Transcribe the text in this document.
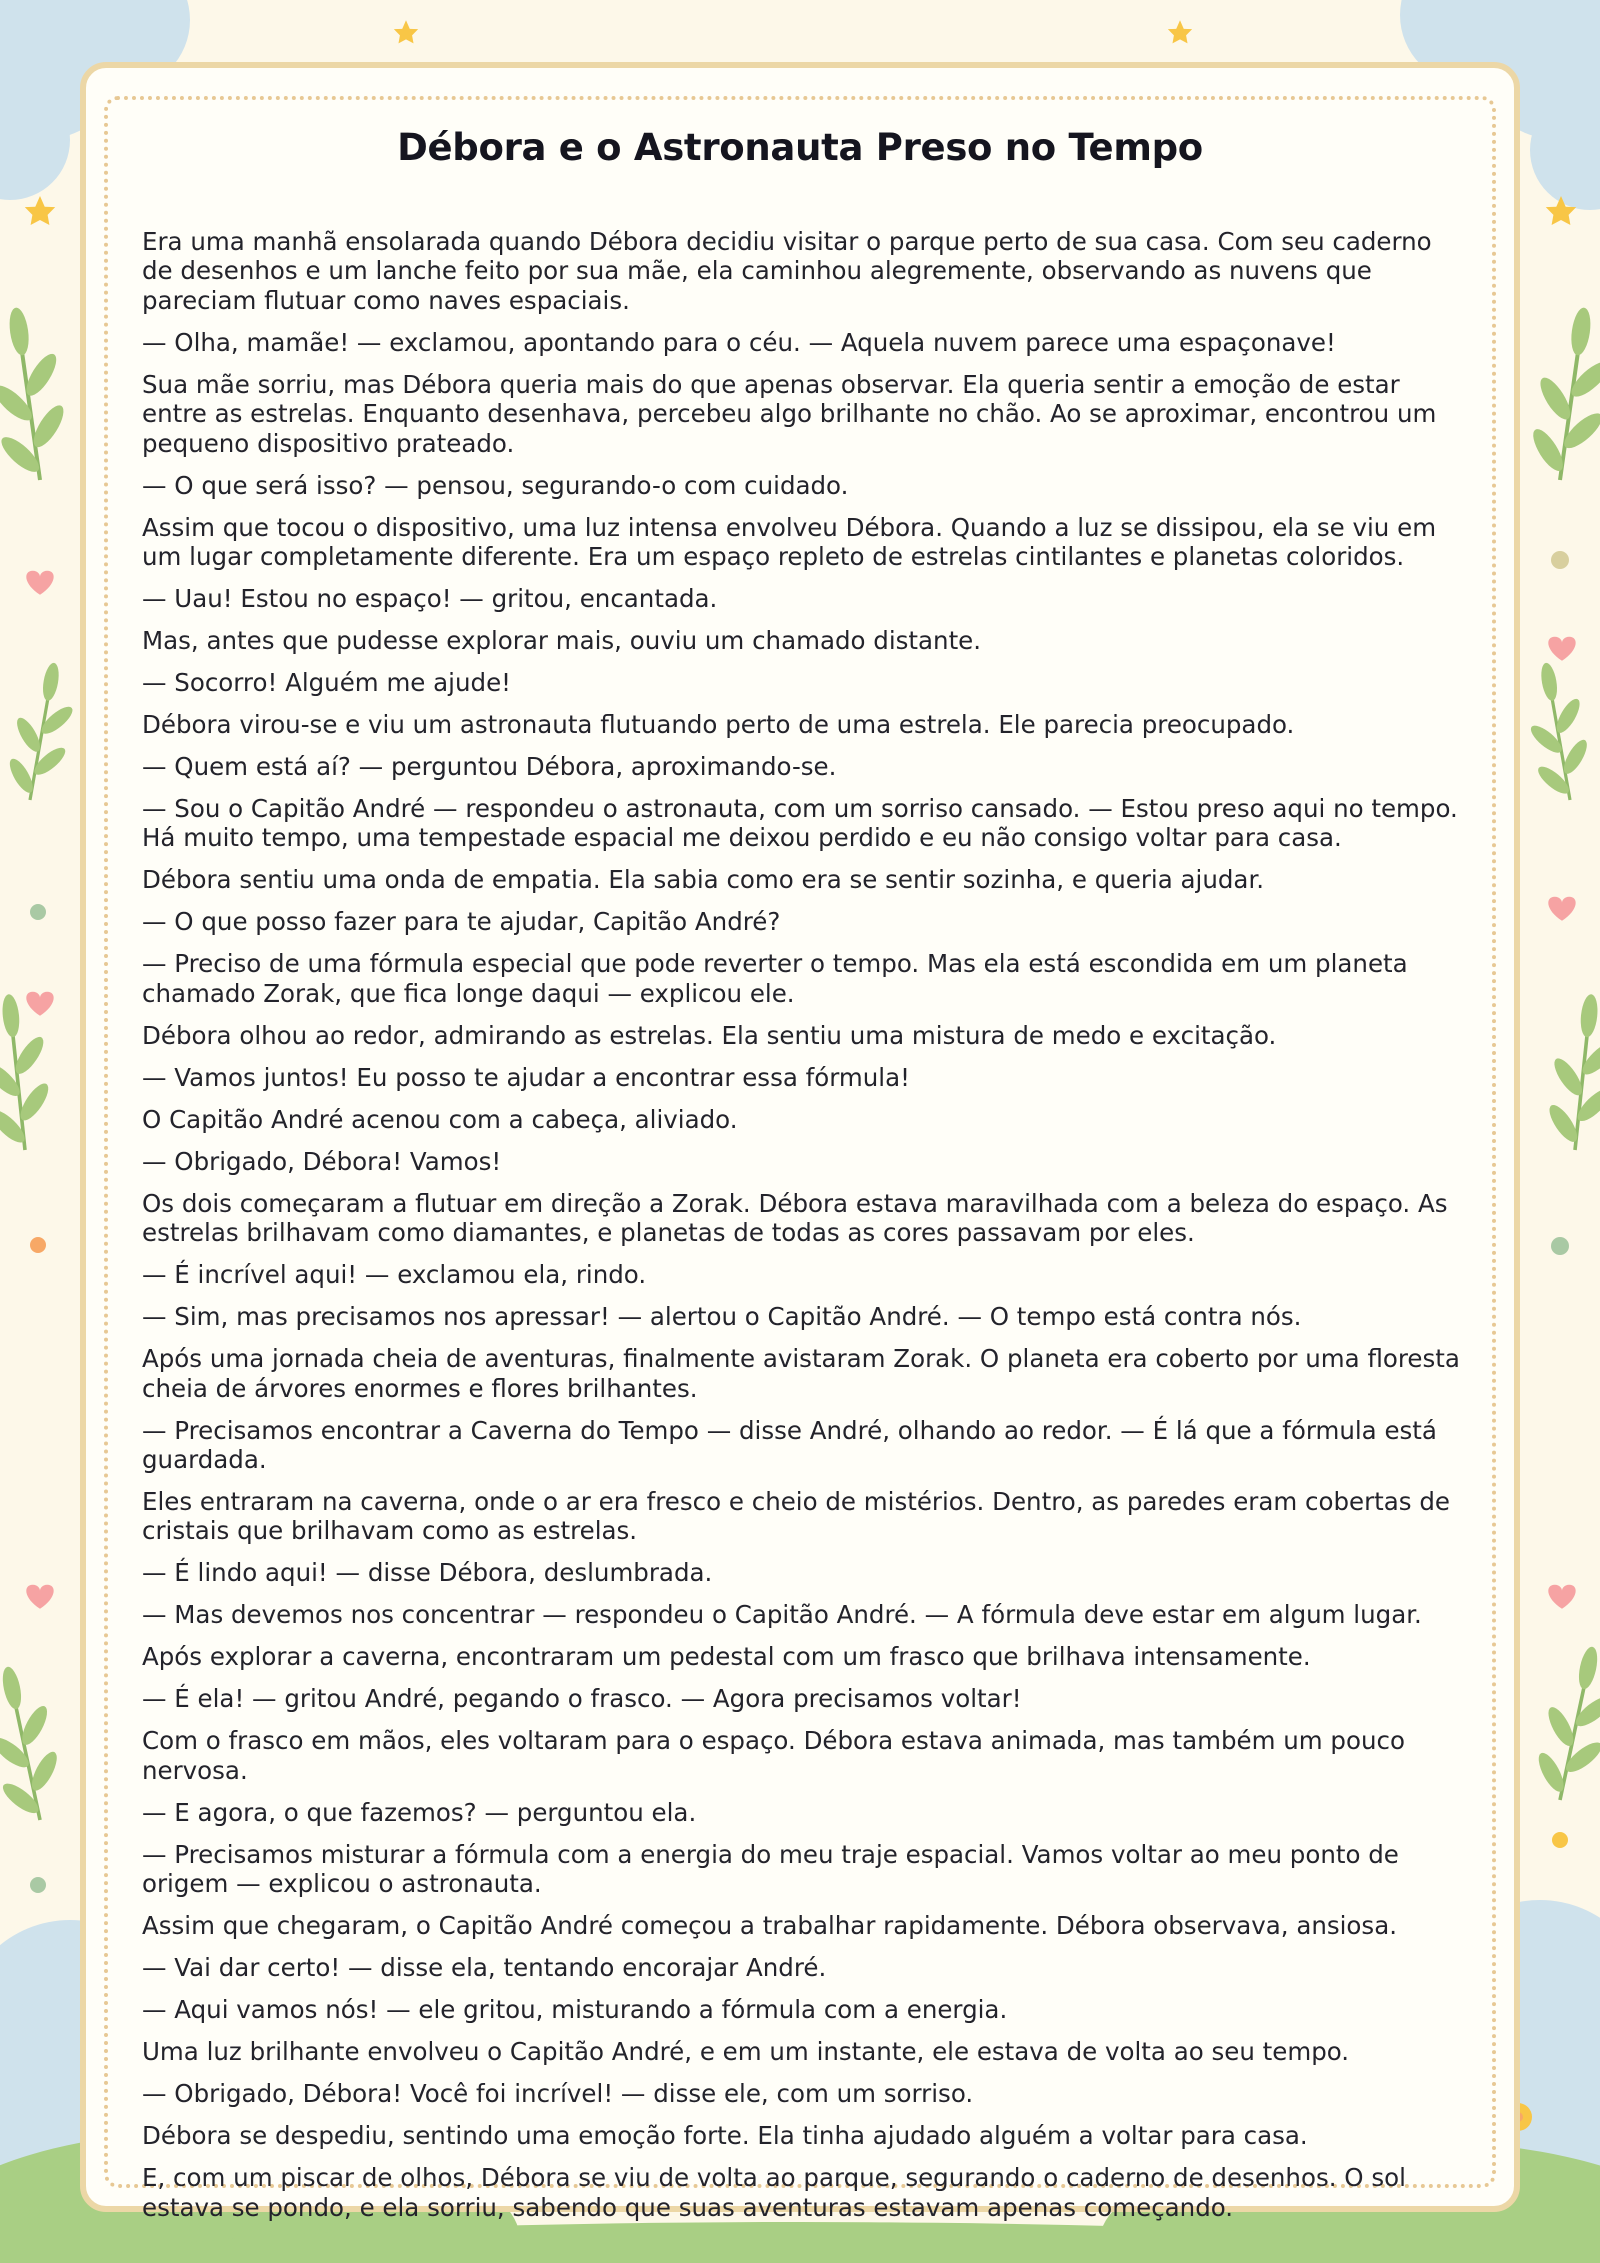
Débora e o Astronauta Preso no Tempo

Era uma manhã ensolarada quando Débora decidiu visitar o parque perto de sua casa. Com seu caderno de desenhos e um lanche feito por sua mãe, ela caminhou alegremente, observando as nuvens que pareciam flutuar como naves espaciais.

— Olha, mamãe! — exclamou, apontando para o céu. — Aquela nuvem parece uma espaçonave!

Sua mãe sorriu, mas Débora queria mais do que apenas observar. Ela queria sentir a emoção de estar entre as estrelas. Enquanto desenhava, percebeu algo brilhante no chão. Ao se aproximar, encontrou um pequeno dispositivo prateado.

— O que será isso? — pensou, segurando-o com cuidado.

Assim que tocou o dispositivo, uma luz intensa envolveu Débora. Quando a luz se dissipou, ela se viu em um lugar completamente diferente. Era um espaço repleto de estrelas cintilantes e planetas coloridos.

— Uau! Estou no espaço! — gritou, encantada.

Mas, antes que pudesse explorar mais, ouviu um chamado distante.

— Socorro! Alguém me ajude!

Débora virou-se e viu um astronauta flutuando perto de uma estrela. Ele parecia preocupado.

— Quem está aí? — perguntou Débora, aproximando-se.

— Sou o Capitão André — respondeu o astronauta, com um sorriso cansado. — Estou preso aqui no tempo. Há muito tempo, uma tempestade espacial me deixou perdido e eu não consigo voltar para casa.

Débora sentiu uma onda de empatia. Ela sabia como era se sentir sozinha, e queria ajudar.

— O que posso fazer para te ajudar, Capitão André?

— Preciso de uma fórmula especial que pode reverter o tempo. Mas ela está escondida em um planeta chamado Zorak, que fica longe daqui — explicou ele.

Débora olhou ao redor, admirando as estrelas. Ela sentiu uma mistura de medo e excitação.

— Vamos juntos! Eu posso te ajudar a encontrar essa fórmula!

O Capitão André acenou com a cabeça, aliviado.

— Obrigado, Débora! Vamos!

Os dois começaram a flutuar em direção a Zorak. Débora estava maravilhada com a beleza do espaço. As estrelas brilhavam como diamantes, e planetas de todas as cores passavam por eles.

— É incrível aqui! — exclamou ela, rindo.

— Sim, mas precisamos nos apressar! — alertou o Capitão André. — O tempo está contra nós.

Após uma jornada cheia de aventuras, finalmente avistaram Zorak. O planeta era coberto por uma floresta cheia de árvores enormes e flores brilhantes.

— Precisamos encontrar a Caverna do Tempo — disse André, olhando ao redor. — É lá que a fórmula está guardada.

Eles entraram na caverna, onde o ar era fresco e cheio de mistérios. Dentro, as paredes eram cobertas de cristais que brilhavam como as estrelas.

— É lindo aqui! — disse Débora, deslumbrada.

— Mas devemos nos concentrar — respondeu o Capitão André. — A fórmula deve estar em algum lugar.

Após explorar a caverna, encontraram um pedestal com um frasco que brilhava intensamente.

— É ela! — gritou André, pegando o frasco. — Agora precisamos voltar!

Com o frasco em mãos, eles voltaram para o espaço. Débora estava animada, mas também um pouco nervosa.

— E agora, o que fazemos? — perguntou ela.

— Precisamos misturar a fórmula com a energia do meu traje espacial. Vamos voltar ao meu ponto de origem — explicou o astronauta.

Assim que chegaram, o Capitão André começou a trabalhar rapidamente. Débora observava, ansiosa.

— Vai dar certo! — disse ela, tentando encorajar André.

— Aqui vamos nós! — ele gritou, misturando a fórmula com a energia.

Uma luz brilhante envolveu o Capitão André, e em um instante, ele estava de volta ao seu tempo.

— Obrigado, Débora! Você foi incrível! — disse ele, com um sorriso.

Débora se despediu, sentindo uma emoção forte. Ela tinha ajudado alguém a voltar para casa.

E, com um piscar de olhos, Débora se viu de volta ao parque, segurando o caderno de desenhos. O sol estava se pondo, e ela sorriu, sabendo que suas aventuras estavam apenas começando.
